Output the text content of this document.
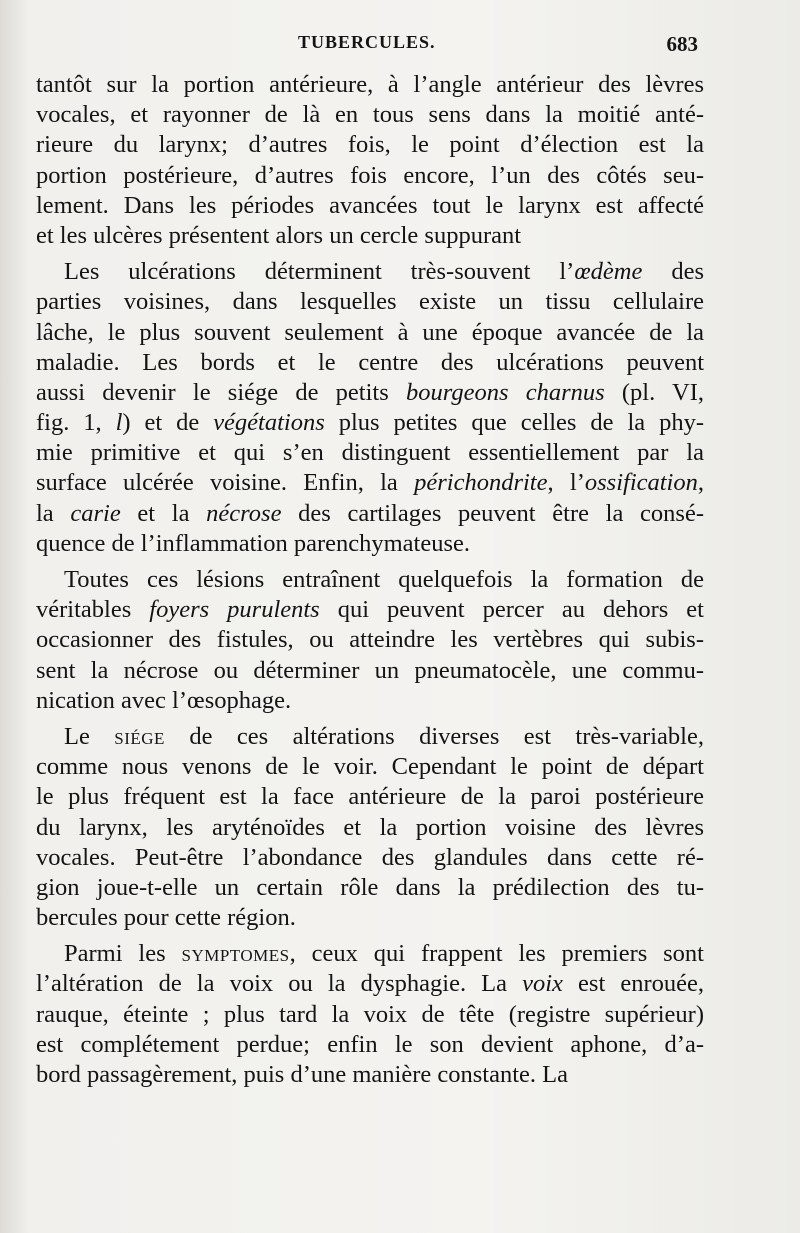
TUBERCULES.	683
tantôt sur la portion antérieure, à l’angle antérieur des lèvres
vocales, et rayonner de là en tous sens dans la moitié anté-
rieure du larynx; d’autres fois, le point d’élection est la
portion postérieure, d’autres fois encore, l’un des côtés seu-
lement. Dans les périodes avancées tout le larynx est affecté
et les ulcères présentent alors un cercle suppurant
Les ulcérations déterminent très-souvent l’œdème des
parties voisines, dans lesquelles existe un tissu cellulaire
lâche, le plus souvent seulement à une époque avancée de la
maladie. Les bords et le centre des ulcérations peuvent
aussi devenir le siége de petits bourgeons charnus (pl. VI,
fig. 1, l) et de végétations plus petites que celles de la phy-
mie primitive et qui s’en distinguent essentiellement par la
surface ulcérée voisine. Enfin, la périchondrite, l’ossification,
la carie et la nécrose des cartilages peuvent être la consé-
quence de l’inflammation parenchymateuse.
Toutes ces lésions entraînent quelquefois la formation de
véritables foyers purulents qui peuvent percer au dehors et
occasionner des fistules, ou atteindre les vertèbres qui subis-
sent la nécrose ou déterminer un pneumatocèle, une commu-
nication avec l’œsophage.
Le siége de ces altérations diverses est très-variable,
comme nous venons de le voir. Cependant le point de départ
le plus fréquent est la face antérieure de la paroi postérieure
du larynx, les aryténoïdes et la portion voisine des lèvres
vocales. Peut-être l’abondance des glandules dans cette ré-
gion joue-t-elle un certain rôle dans la prédilection des tu-
bercules pour cette région.
Parmi les symptomes, ceux qui frappent les premiers sont
l’altération de la voix ou la dysphagie. La voix est enrouée,
rauque, éteinte ; plus tard la voix de tête (registre supérieur)
est complétement perdue; enfin le son devient aphone, d’a-
bord passagèrement, puis d’une manière constante. La
